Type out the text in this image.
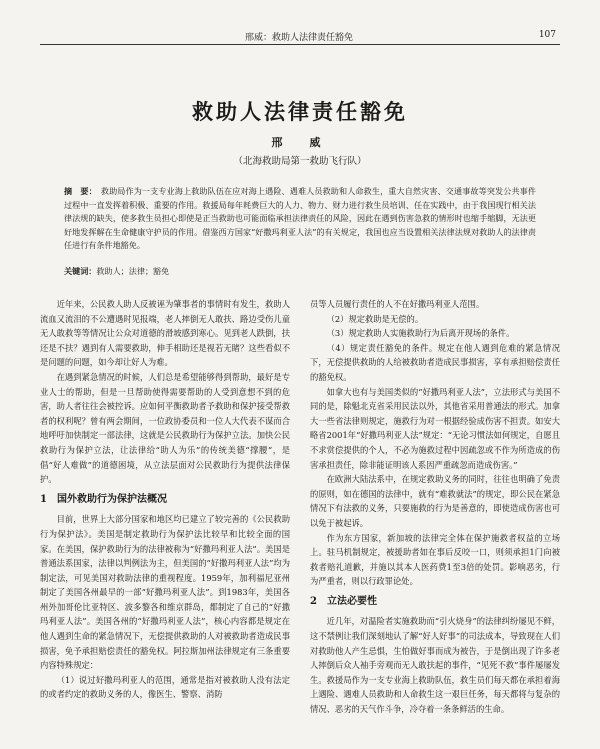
邢威：救助人法律责任豁免	107
救助人法律责任豁免
邢　威
（北海救助局第一救助飞行队）
摘　要： 救助局作为一支专业海上救助队伍在应对海上遇险、遇难人员救助和人命救生，重大自然灾害、交通事故等突发公共事件过程中一直发挥着积极、重要的作用。救援局每年耗费巨大的人力、物力、财力进行救生员培训、任在实践中，由于我国现行相关法律法规的缺失，使多救生员担心即使是正当救助也可能面临承担法律责任的风险，因此在遇到伤害急救的情形时也缩手缩脚，无法更好地发挥解在生命健康守护员的作用。借鉴西方国家“好撒玛利亚人法”的有关规定，我国也应当设置相关法律法规对救助人的法律责任进行有条件地豁免。
关键词：救助人；法律；豁免

近年来，公民救人助人反被诬为肇事者的事情时有发生，救助人流血又流泪的不公遭遇时见报端，老人摔倒无人敢扶、路边受伤儿童无人敢救等等情况让公众对道德的滑坡感到寒心。见到老人跌倒，扶还是不扶？遇到有人需要救助，伸手相助还是视若无睹？这些看似不是问题的问题，如今却让好人为难。

在遇到紧急情况的时候，人们总是希望能够得到帮助，最好是专业人士的帮助，但是一旦帮助使得需要帮助的人受到意想不到的危害，助人者往往会被控诉。应如何平衡救助者予救助和保护接受帮救者的权利呢？曾有两会期间，一位政协委员和一位人大代表不谋而合地呼吁加快制定一部法律，这就是公民救助行为保护立法。加快公民救助行为保护立法，让法律给“助人为乐”的传统美德“撑腰”，是倡“好人难做”的道德困境，从立法层面对公民救助行为提供法律保护。

1 国外救助行为保护法概况

目前，世界上大部分国家和地区均已建立了较完善的《公民救助行为保护法》。美国是制定救助行为保护法比较早和比较全面的国家。在美国，保护救助行为的法律被称为“好撒玛利亚人法”。美国是普通法系国家，法律以判例法为主，但美国的“好撒玛利亚人法”均为制定法，可见美国对救助法律的重视程度。1959年，加利福尼亚州制定了美国各州最早的一部“好撒玛利亚人法”。到1983年，美国各州外加哥伦比亚特区、波多黎各和维京群岛，都制定了自己的“好撒玛利亚人法”。美国各州的“好撒玛利亚人法”，核心内容都是规定在他人遇到生命的紧急情况下，无偿提供救助的人对被救助者造成民事损害，免予承担赔偿责任的豁免权。阿拉斯加州法律规定有三条重要内容特殊规定：

（1）说过好撒玛利亚人的范围，通常是指对被救助人没有法定的或者约定的救助义务的人，像医生、警察、消防

员等人员履行责任的人不在好撒玛利亚人范围。

（2）规定救助是无偿的。

（3）规定救助人实施救助行为后离开现场的条件。

（4）规定责任豁免的条件。规定在他人遇到危难的紧急情况下，无偿提供救助的人给被救助者造成民事损害，享有承担赔偿责任的豁免权。

如拿大也有与美国类似的“好撒玛利亚人法”，立法形式与美国不同的是，除魁北克省采用民法以外，其他省采用普通法的形式。加拿大一些省法律则规定，施救行为对一根据经验成伤害不担责。如安大略省2001年“好撒玛利亚人法”规定：“无论习惯法如何规定，自愿且不求赏偿提供的个人，不必为施救过程中因疏忽或不作为所造成的伤害承担责任，除非能证明该人系因严重疏忽而造成伤害。”

在欧洲大陆法系中，在规定救助义务的同时，往往也明确了免责的原则，如在德国的法律中，就有“难救就法”的规定，即公民在紧急情况下有法救的义务，只要施救的行为是善意的，即使造成伤害也可以免于被起诉。

作为东方国家，新加坡的法律完全体在保护施救者权益的立场上。驻马机制规定，被援助者如在事后反咬一口，则须承担1门向被救者赔礼道歉，并施以其本人医药费1至3倍的处罚。影响恶劣，行为严重者，则以行政罪论处。

2 立法必要性

近几年，对温险者实施救助而“引火烧身”的法律纠纷屡见不鲜，这不禁例让我们深刻地认了解“好人好事”的司法成本，导致现在人们对救助他人产生忌惧，生怕做好事而成为被告，于是倒出现了许多老人摔倒后众人袖手旁观而无人敢扶起的事件，“见死不救”事件屡屡发生。救援局作为一支专业海上救助队伍，救生员们每天都在承担着海上遇险、遇难人员救助和人命救生这一艰巨任务，每天都将与复杂的情况、恶劣的天气作斗争，冷夺着一条条鲜活的生命。
